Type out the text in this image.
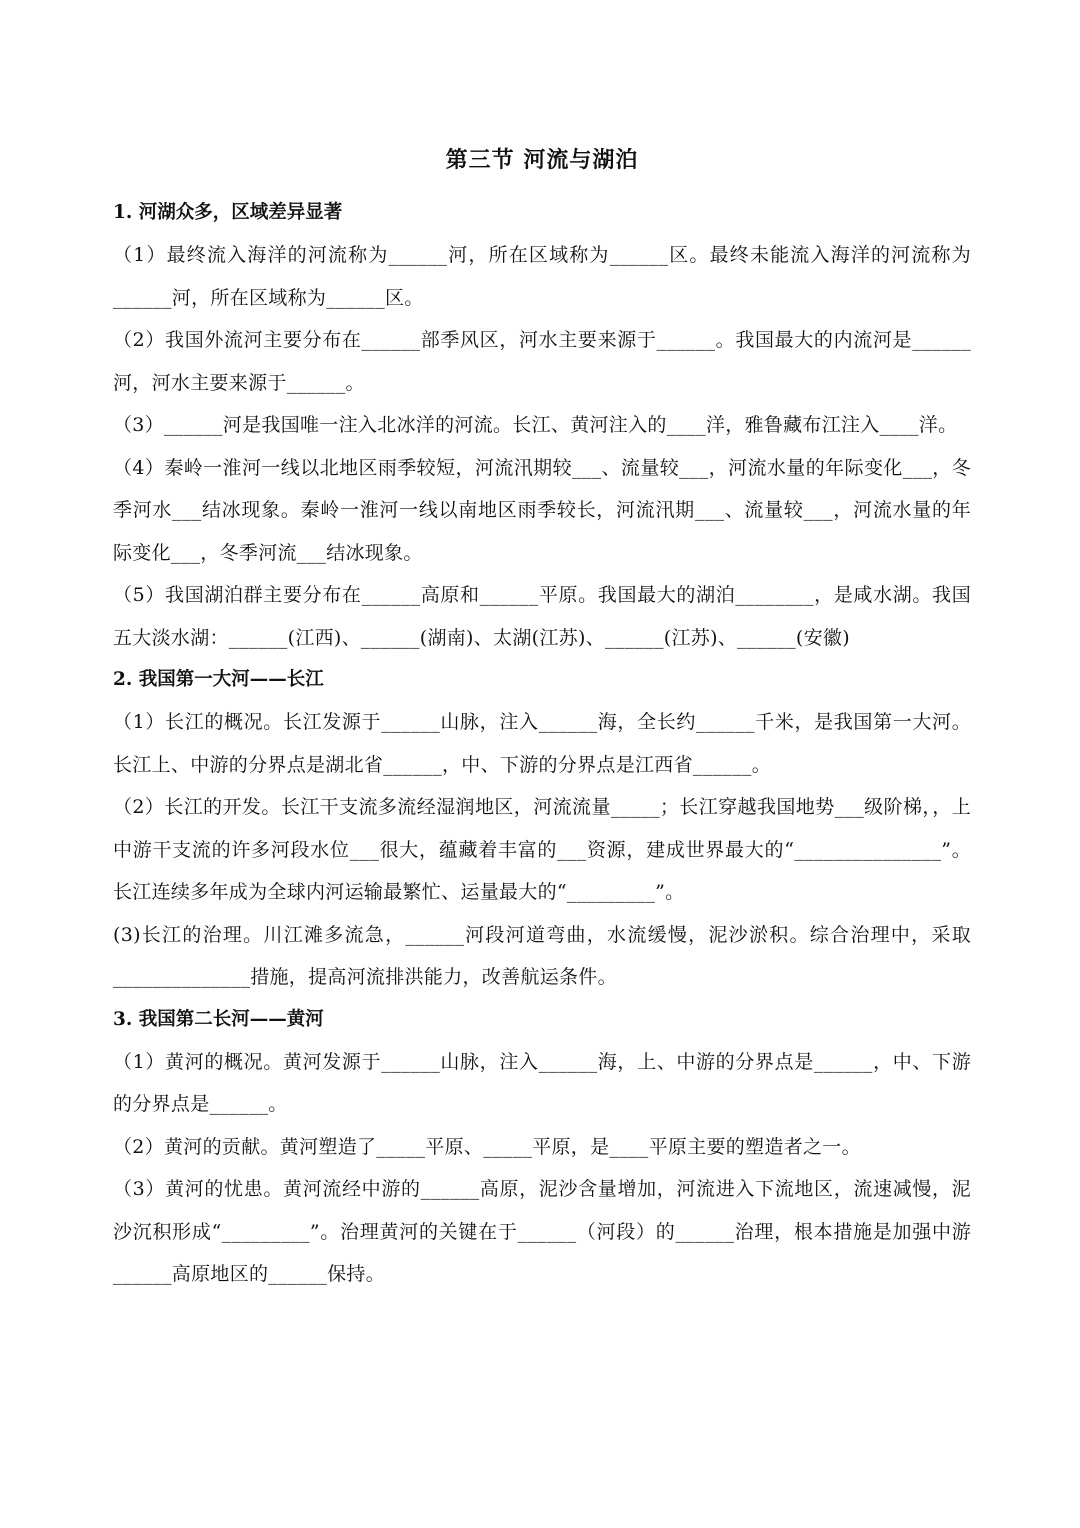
第三节 河流与湖泊
1. 河湖众多，区域差异显著

（1）最终流入海洋的河流称为______河，所在区域称为______区。最终未能流入海洋的河流称为______河，所在区域称为______区。

（2）我国外流河主要分布在______部季风区，河水主要来源于______。我国最大的内流河是______河，河水主要来源于______。

（3）______河是我国唯一注入北冰洋的河流。长江、黄河注入的____洋，雅鲁藏布江注入____洋。

（4）秦岭一淮河一线以北地区雨季较短，河流汛期较___、流量较___，河流水量的年际变化___，冬季河水___结冰现象。秦岭一淮河一线以南地区雨季较长，河流汛期___、流量较___，河流水量的年际变化___，冬季河流___结冰现象。

（5）我国湖泊群主要分布在______高原和______平原。我国最大的湖泊________，是咸水湖。我国五大淡水湖：______(江西)、______(湖南)、太湖(江苏)、______(江苏)、______(安徽)

2. 我国第一大河——长江

（1）长江的概况。长江发源于______山脉，注入______海，全长约______千米，是我国第一大河。长江上、中游的分界点是湖北省______，中、下游的分界点是江西省______。

（2）长江的开发。长江干支流多流经湿润地区，河流流量_____；长江穿越我国地势___级阶梯，，上中游干支流的许多河段水位___很大，蕴藏着丰富的___资源，建成世界最大的“_______________”。长江连续多年成为全球内河运输最繁忙、运量最大的“_________”。

(3)长江的治理。川江滩多流急，______河段河道弯曲，水流缓慢，泥沙淤积。综合治理中，采取______________措施，提高河流排洪能力，改善航运条件。

3. 我国第二长河——黄河

（1）黄河的概况。黄河发源于______山脉，注入______海，上、中游的分界点是______，中、下游的分界点是______。

（2）黄河的贡献。黄河塑造了_____平原、_____平原，是____平原主要的塑造者之一。

（3）黄河的忧患。黄河流经中游的______高原，泥沙含量增加，河流进入下流地区，流速减慢，泥沙沉积形成“_________”。治理黄河的关键在于______（河段）的______治理，根本措施是加强中游______高原地区的______保持。
